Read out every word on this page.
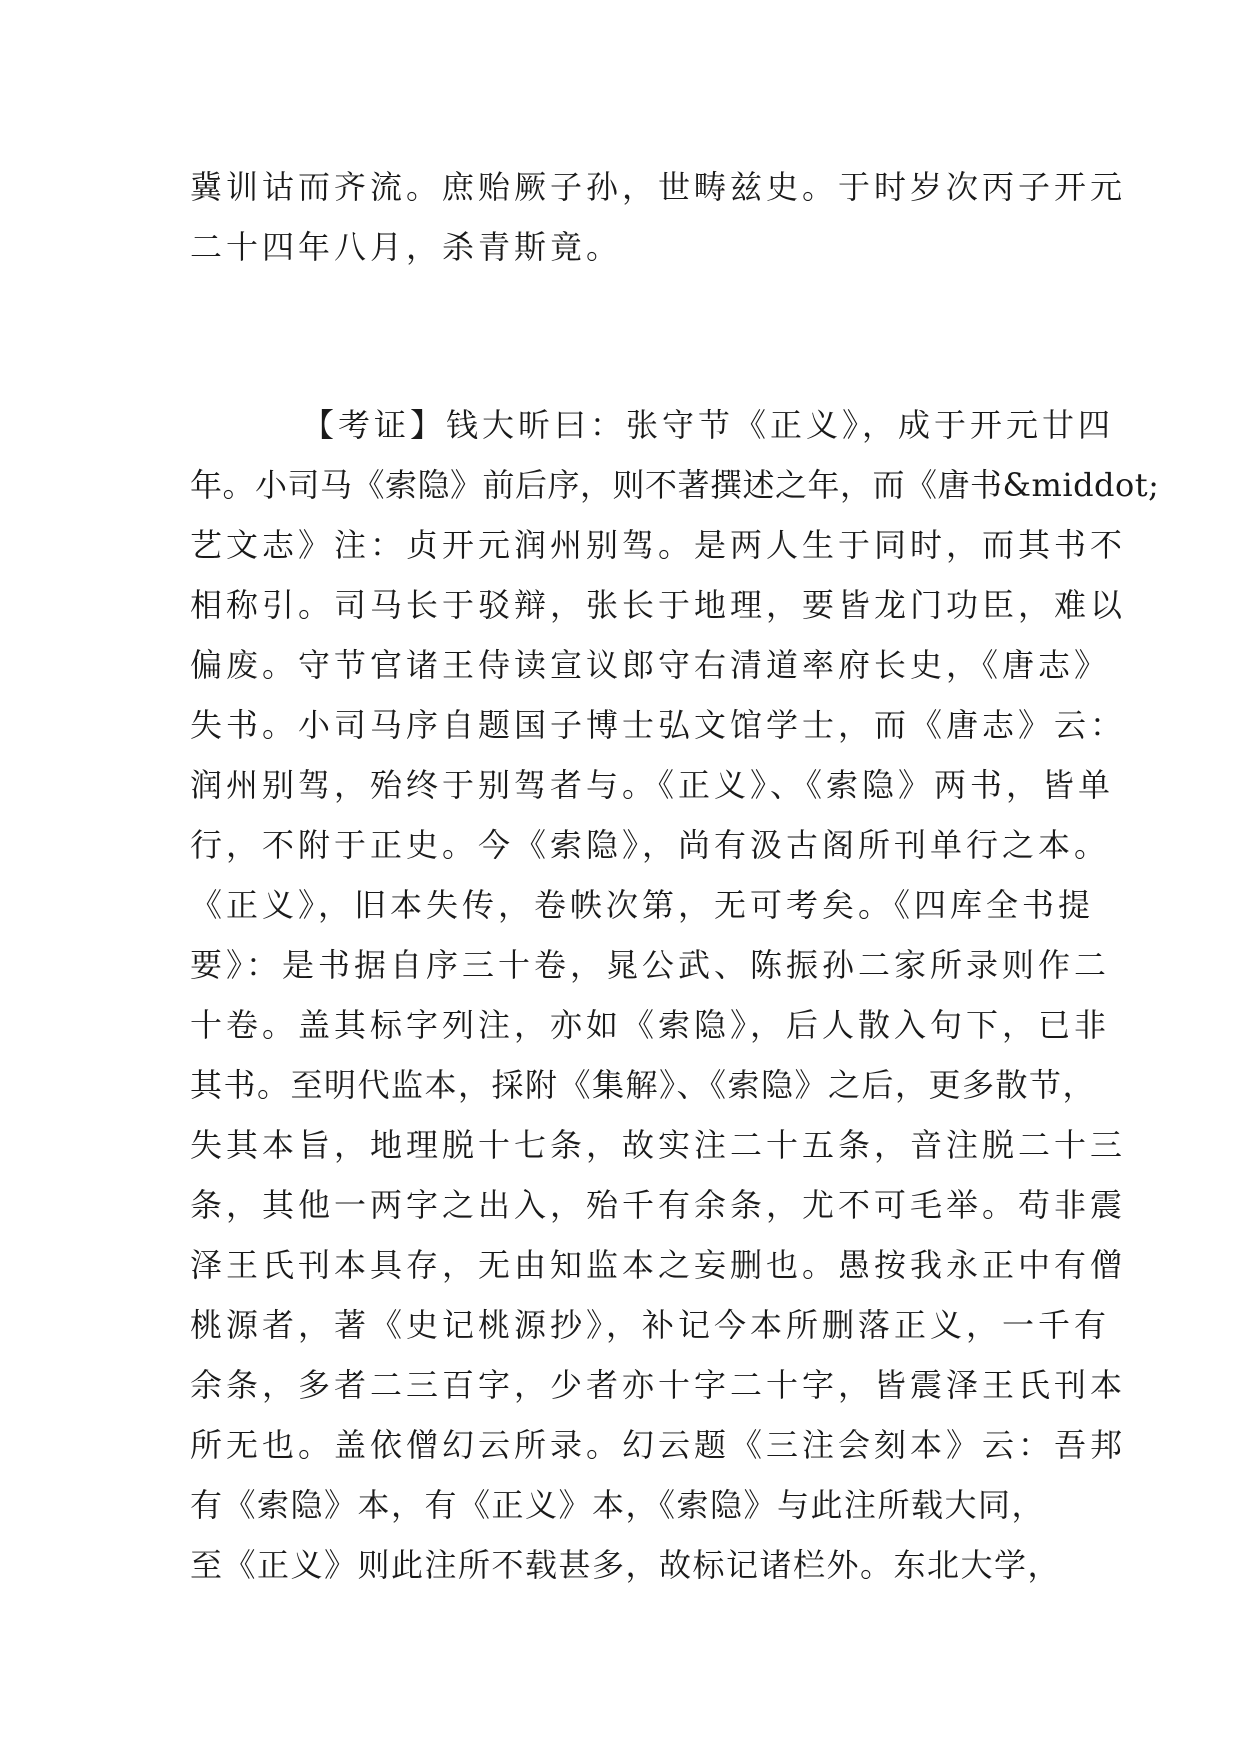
冀训诂而齐流。庶贻厥子孙，世畴兹史。于时岁次丙子开元
二十四年八月，杀青斯竟。
【考证】钱大昕曰：张守节《正义》，成于开元廿四
年。小司马《索隐》前后序，则不著撰述之年，而《唐书&middot;
艺文志》注：贞开元润州别驾。是两人生于同时，而其书不
相称引。司马长于驳辩，张长于地理，要皆龙门功臣，难以
偏废。守节官诸王侍读宣议郎守右清道率府长史，《唐志》
失书。小司马序自题国子博士弘文馆学士，而《唐志》云：
润州别驾，殆终于别驾者与。《正义》、《索隐》两书，皆单
行，不附于正史。今《索隐》，尚有汲古阁所刊单行之本。
《正义》，旧本失传，卷帙次第，无可考矣。《四库全书提
要》：是书据自序三十卷，晁公武、陈振孙二家所录则作二
十卷。盖其标字列注，亦如《索隐》，后人散入句下，已非
其书。至明代监本，採附《集解》、《索隐》之后，更多散节，
失其本旨，地理脱十七条，故实注二十五条，音注脱二十三
条，其他一两字之出入，殆千有余条，尤不可毛举。苟非震
泽王氏刊本具存，无由知监本之妄删也。愚按我永正中有僧
桃源者，著《史记桃源抄》，补记今本所删落正义，一千有
余条，多者二三百字，少者亦十字二十字，皆震泽王氏刊本
所无也。盖依僧幻云所录。幻云题《三注会刻本》云：吾邦
有《索隐》本，有《正义》本，《索隐》与此注所载大同，
至《正义》则此注所不载甚多，故标记诸栏外。东北大学，
